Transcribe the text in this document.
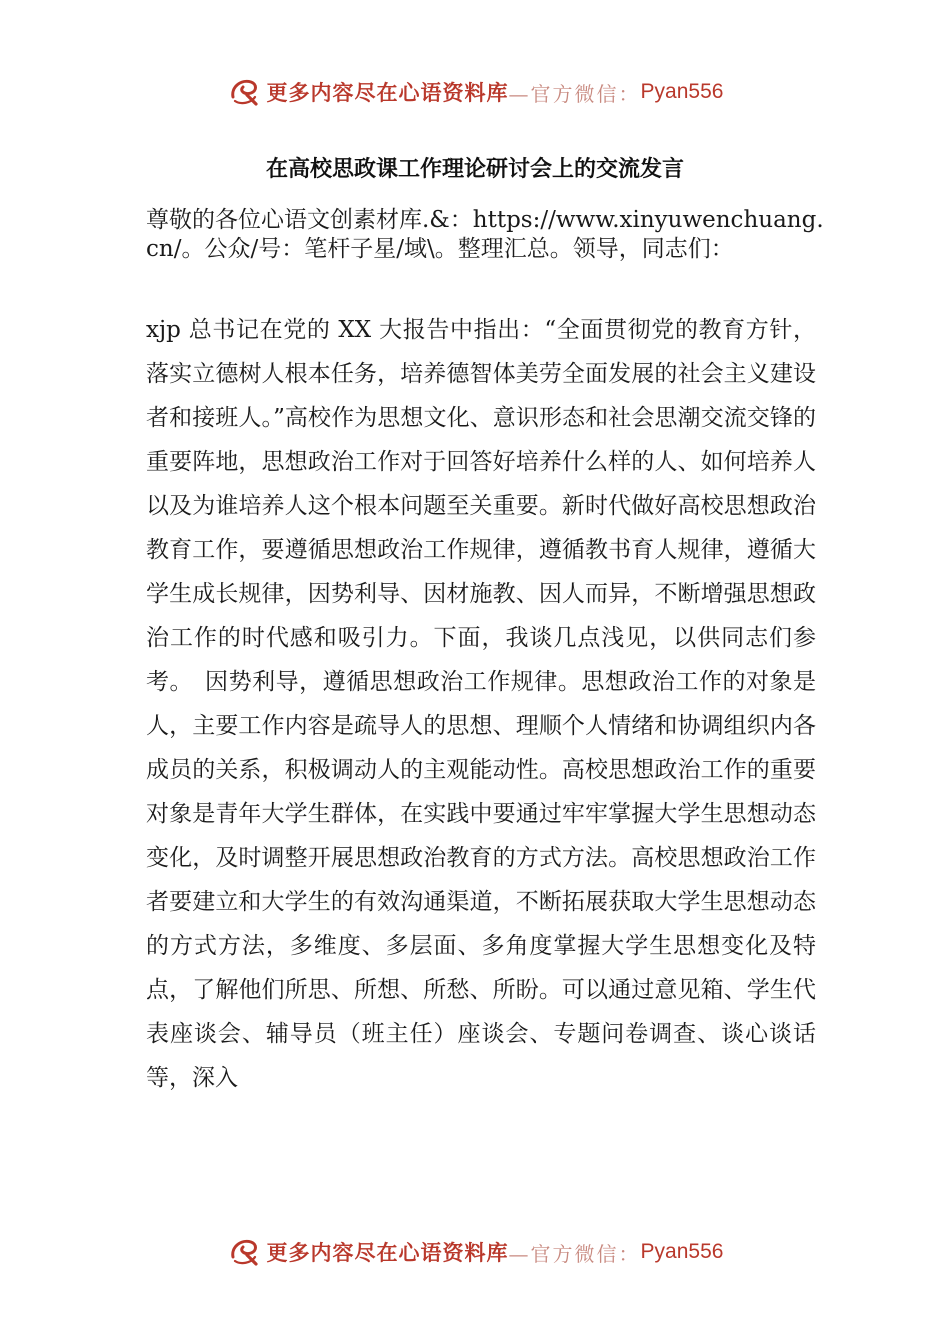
更多内容尽在心语资料库 —官方微信： Pyan556
在高校思政课工作理论研讨会上的交流发言

尊敬的各位心语文创素材库.&：https://www.xinyuwenchuang.cn/。公众/号：笔杆子星/域\。整理汇总。领导，同志们：

xjp 总书记在党的 XX 大报告中指出：“全面贯彻党的教育方针，落实立德树人根本任务，培养德智体美劳全面发展的社会主义建设者和接班人。”高校作为思想文化、意识形态和社会思潮交流交锋的重要阵地，思想政治工作对于回答好培养什么样的人、如何培养人以及为谁培养人这个根本问题至关重要。新时代做好高校思想政治教育工作，要遵循思想政治工作规律，遵循教书育人规律，遵循大学生成长规律，因势利导、因材施教、因人而异，不断增强思想政治工作的时代感和吸引力。下面，我谈几点浅见，以供同志们参考。　因势利导，遵循思想政治工作规律。思想政治工作的对象是人，主要工作内容是疏导人的思想、理顺个人情绪和协调组织内各成员的关系，积极调动人的主观能动性。高校思想政治工作的重要对象是青年大学生群体，在实践中要通过牢牢掌握大学生思想动态变化，及时调整开展思想政治教育的方式方法。高校思想政治工作者要建立和大学生的有效沟通渠道，不断拓展获取大学生思想动态的方式方法，多维度、多层面、多角度掌握大学生思想变化及特点，了解他们所思、所想、所愁、所盼。可以通过意见箱、学生代表座谈会、辅导员（班主任）座谈会、专题问卷调查、谈心谈话等，深入

更多内容尽在心语资料库 —官方微信： Pyan556
